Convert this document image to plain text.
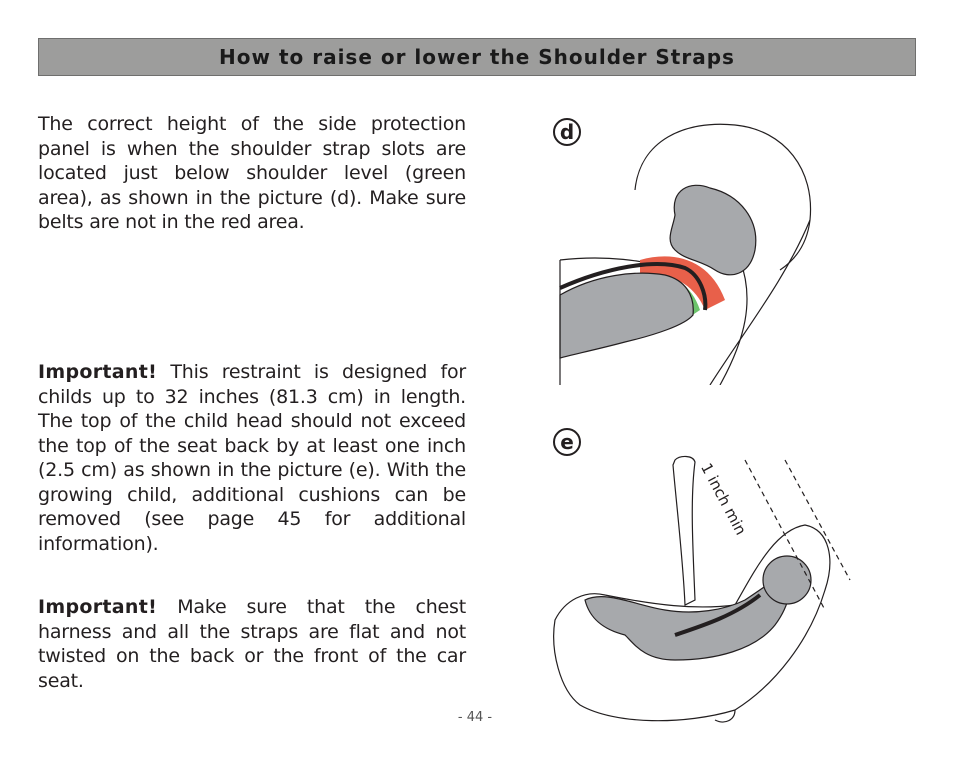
How to raise or lower the Shoulder Straps

The correct height of the side protection panel is when the shoulder strap slots are located just below shoulder level (green area), as shown in the picture (d). Make sure belts are not in the red area.

Important! This restraint is designed for childs up to 32 inches (81.3 cm) in length. The top of the child head should not exceed the top of the seat back by at least one inch (2.5 cm) as shown in the picture (e). With the growing child, additional cushions can be removed (see page 45 for additional information).

Important! Make sure that the chest harness and all the straps are flat and not twisted on the back or the front of the car seat.

d
e
1 inch min
- 44 -
